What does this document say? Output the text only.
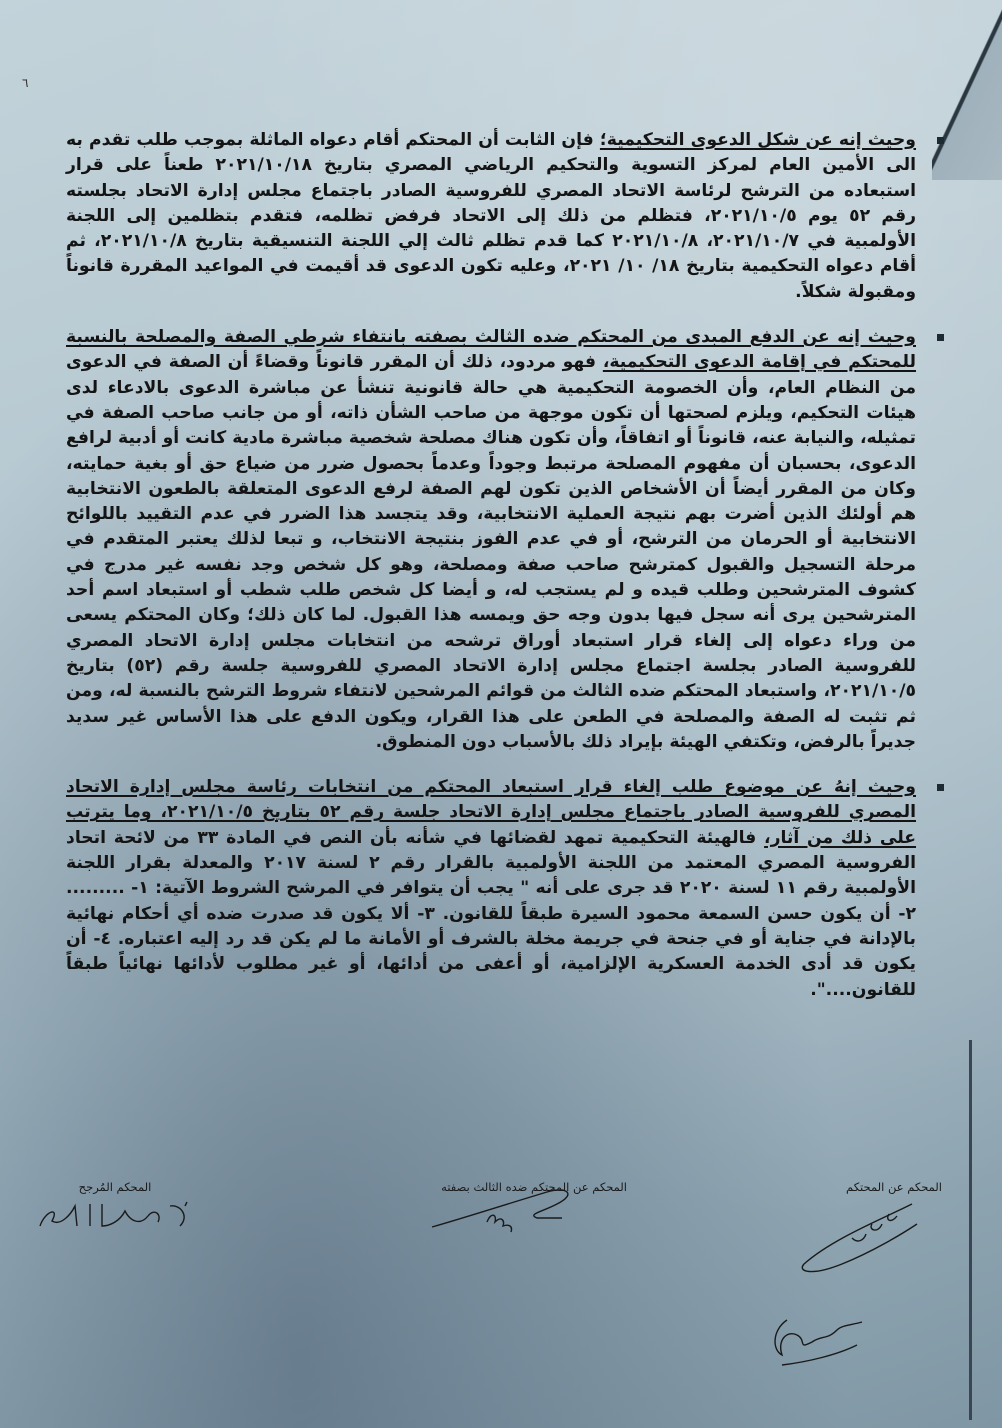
٦

وحيث إنه عن شكل الدعوى التحكيمية؛ فإن الثابت أن المحتكم أقام دعواه الماثلة بموجب طلب تقدم به الى الأمين العام لمركز التسوية والتحكيم الرياضي المصري بتاريخ ٢٠٢١/١٠/١٨ طعناً على قرار استبعاده من الترشح لرئاسة الاتحاد المصري للفروسية الصادر باجتماع مجلس إدارة الاتحاد بجلسته رقم ٥٢ يوم ٢٠٢١/١٠/٥، فتظلم من ذلك إلى الاتحاد فرفض تظلمه، فتقدم بتظلمين إلى اللجنة الأولمبية في ٢٠٢١/١٠/٧، ٢٠٢١/١٠/٨ كما قدم تظلم ثالث إلي اللجنة التنسيقية بتاريخ ٢٠٢١/١٠/٨، ثم أقام دعواه التحكيمية بتاريخ ١٨/ ١٠/ ٢٠٢١، وعليه تكون الدعوى قد أقيمت في المواعيد المقررة قانوناً ومقبولة شكلاً.

وحيث إنه عن الدفع المبدى من المحتكم ضده الثالث بصفته بانتفاء شرطي الصفة والمصلحة بالنسبة للمحتكم في إقامة الدعوى التحكيمية، فهو مردود، ذلك أن المقرر قانوناً وقضاءً أن الصفة في الدعوى من النظام العام، وأن الخصومة التحكيمية هي حالة قانونية تنشأ عن مباشرة الدعوى بالادعاء لدى هيئات التحكيم، ويلزم لصحتها أن تكون موجهة من صاحب الشأن ذاته، أو من جانب صاحب الصفة في تمثيله، والنيابة عنه، قانوناً أو اتفاقاً، وأن تكون هناك مصلحة شخصية مباشرة مادية كانت أو أدبية لرافع الدعوى، بحسبان أن مفهوم المصلحة مرتبط وجوداً وعدماً بحصول ضرر من ضياع حق أو بغية حمايته، وكان من المقرر أيضاً أن الأشخاص الذين تكون لهم الصفة لرفع الدعوى المتعلقة بالطعون الانتخابية هم أولئك الذين أضرت بهم نتيجة العملية الانتخابية، وقد يتجسد هذا الضرر في عدم التقييد باللوائح الانتخابية أو الحرمان من الترشح، أو في عدم الفوز بنتيجة الانتخاب، و تبعا لذلك يعتبر المتقدم في مرحلة التسجيل والقبول كمترشح صاحب صفة ومصلحة، وهو كل شخص وجد نفسه غير مدرج في كشوف المترشحين وطلب قيده و لم يستجب له، و أيضا كل شخص طلب شطب أو استبعاد اسم أحد المترشحين يرى أنه سجل فيها بدون وجه حق ويمسه هذا القبول. لما كان ذلك؛ وكان المحتكم يسعى من وراء دعواه إلى إلغاء قرار استبعاد أوراق ترشحه من انتخابات مجلس إدارة الاتحاد المصري للفروسية الصادر بجلسة اجتماع مجلس إدارة الاتحاد المصري للفروسية جلسة رقم (٥٢) بتاريخ ٢٠٢١/١٠/٥، واستبعاد المحتكم ضده الثالث من قوائم المرشحين لانتفاء شروط الترشح بالنسبة له، ومن ثم تثبت له الصفة والمصلحة في الطعن على هذا القرار، ويكون الدفع على هذا الأساس غير سديد جديراً بالرفض، وتكتفي الهيئة بإيراد ذلك بالأسباب دون المنطوق.

وحيث إنهُ عن موضوع طلب إلغاء قرار استبعاد المحتكم من انتخابات رئاسة مجلس إدارة الاتحاد المصري للفروسية الصادر باجتماع مجلس إدارة الاتحاد جلسة رقم ٥٢ بتاريخ ٢٠٢١/١٠/٥، وما يترتب على ذلك من آثار، فالهيئة التحكيمية تمهد لقضائها في شأنه بأن النص في المادة ٣٣ من لائحة اتحاد الفروسية المصري المعتمد من اللجنة الأولمبية بالقرار رقم ٢ لسنة ٢٠١٧ والمعدلة بقرار اللجنة الأولمبية رقم ١١ لسنة ٢٠٢٠ قد جرى على أنه " يجب أن يتوافر في المرشح الشروط الآتية: ١- ......... ٢- أن يكون حسن السمعة محمود السيرة طبقاً للقانون. ٣- ألا يكون قد صدرت ضده أي أحكام نهائية بالإدانة في جناية أو في جنحة في جريمة مخلة بالشرف أو الأمانة ما لم يكن قد رد إليه اعتباره. ٤- أن يكون قد أدى الخدمة العسكرية الإلزامية، أو أعفى من أدائها، أو غير مطلوب لأدائها نهائياً طبقاً للقانون....".

المحكم عن المحتكم
المحكم عن المحتكم ضده الثالث بصفته
المحكم المُرجح
